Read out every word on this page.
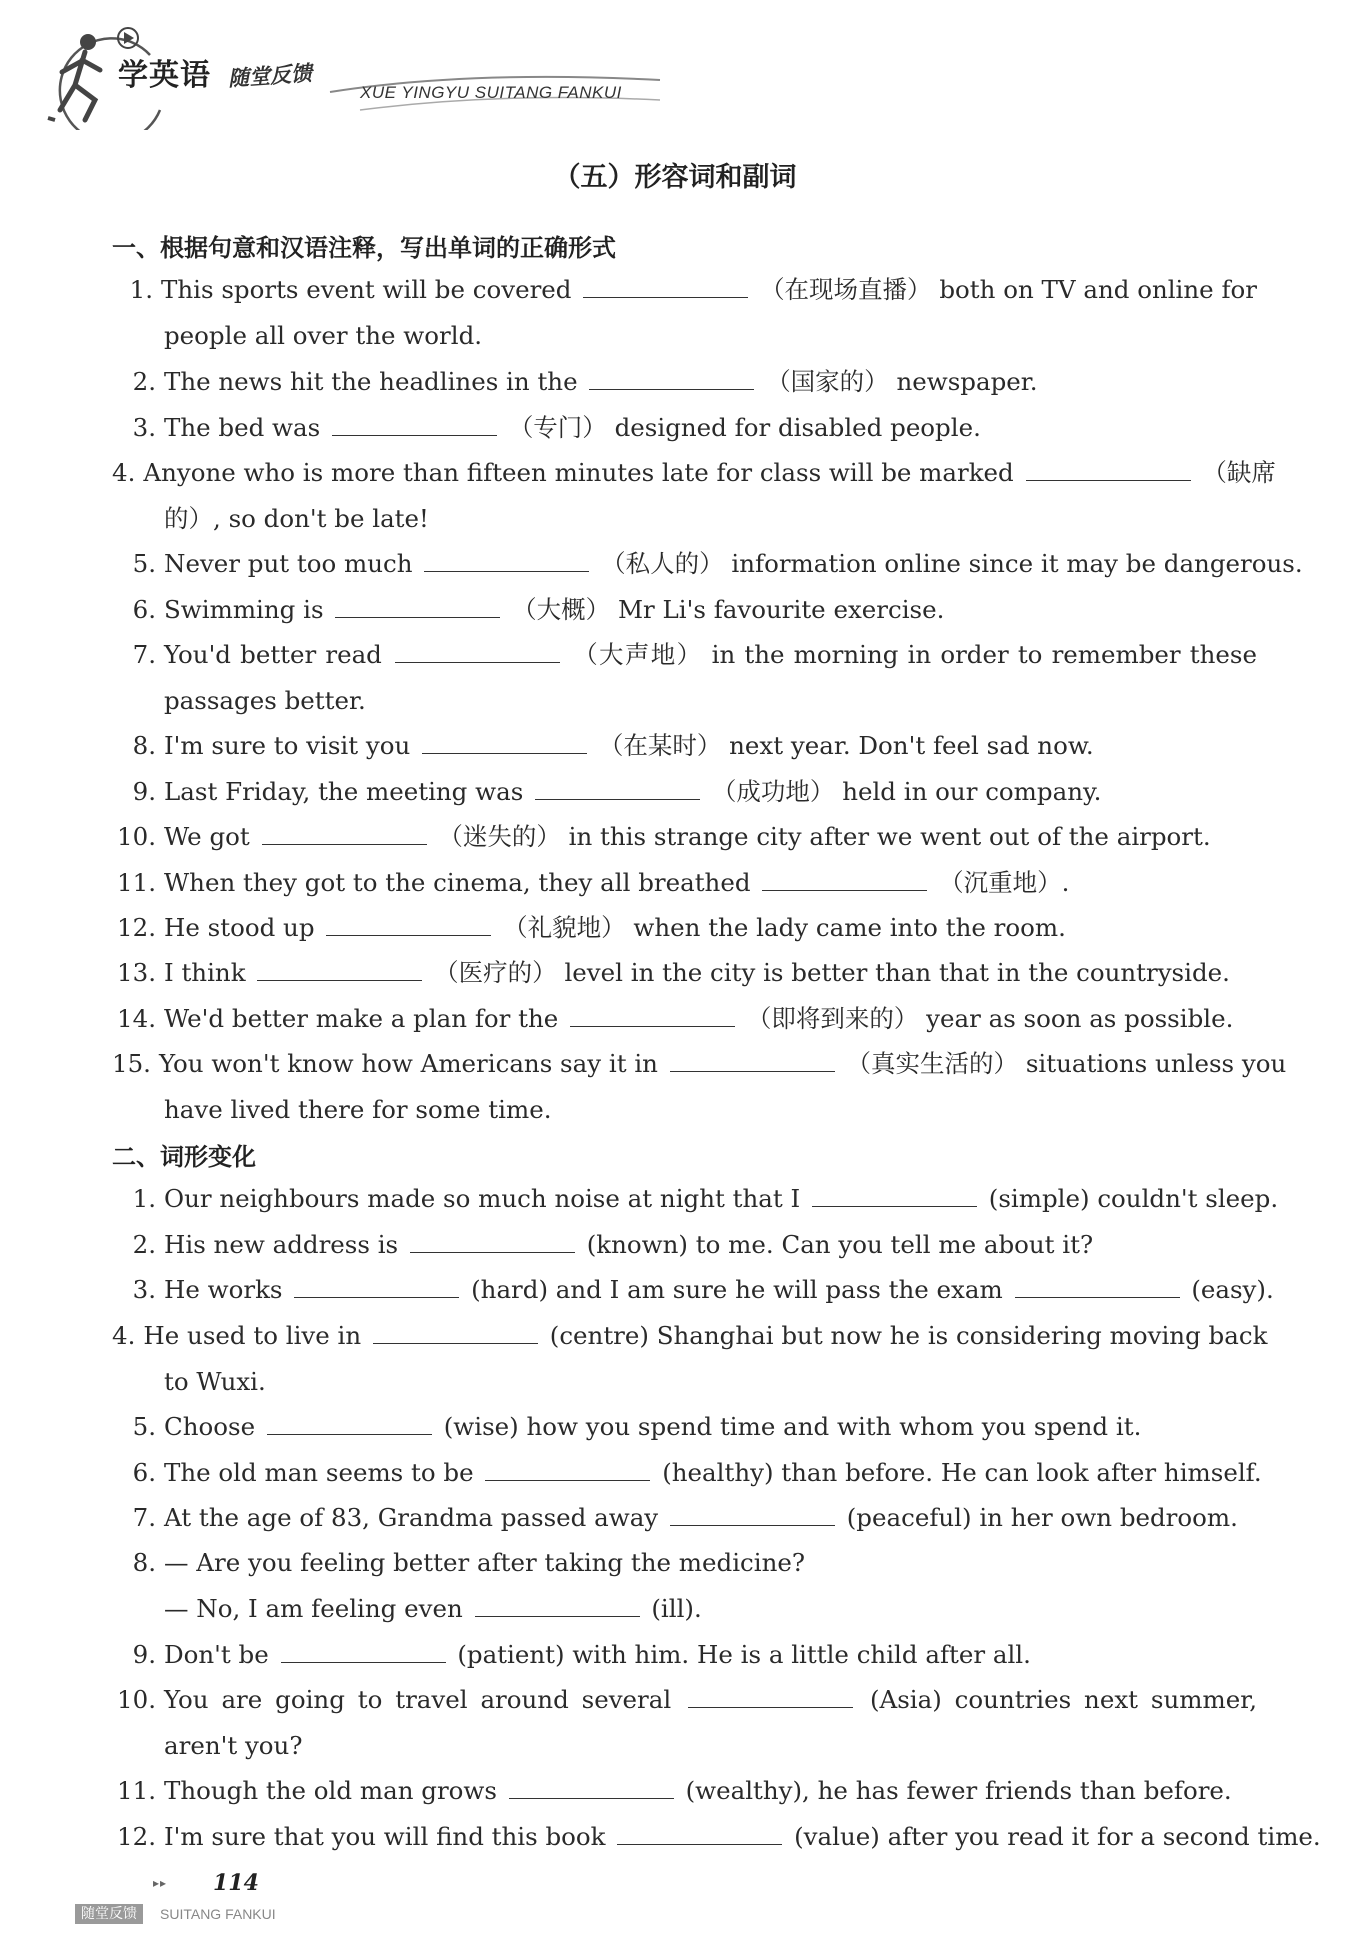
学英语 随堂反馈
XUE YINGYU SUITANG FANKUI
（五）形容词和副词
一、根据句意和汉语注释，写出单词的正确形式
1. This sports event will be covered	（在现场直播） both on TV and online for
people all over the world.
2. The news hit the headlines in the	（国家的） newspaper.
3. The bed was	（专门） designed for disabled people.
4. Anyone who is more than fifteen minutes late for class will be marked	（缺席
的）, so don't be late!
5. Never put too much	（私人的） information online since it may be dangerous.
6. Swimming is	（大概） Mr Li's favourite exercise.
7. You'd better read	（大声地） in the morning in order to remember these
passages better.
8. I'm sure to visit you	（在某时） next year. Don't feel sad now.
9. Last Friday, the meeting was	（成功地） held in our company.
10. We got	（迷失的） in this strange city after we went out of the airport.
11. When they got to the cinema, they all breathed	（沉重地）.
12. He stood up	（礼貌地） when the lady came into the room.
13. I think	（医疗的） level in the city is better than that in the countryside.
14. We'd better make a plan for the	（即将到来的） year as soon as possible.
15. You won't know how Americans say it in	（真实生活的） situations unless you
have lived there for some time.
二、词形变化
1. Our neighbours made so much noise at night that I	(simple) couldn't sleep.
2. His new address is	(known) to me. Can you tell me about it?
3. He works	(hard) and I am sure he will pass the exam	(easy).
4. He used to live in	(centre) Shanghai but now he is considering moving back
to Wuxi.
5. Choose	(wise) how you spend time and with whom you spend it.
6. The old man seems to be	(healthy) than before. He can look after himself.
7. At the age of 83, Grandma passed away	(peaceful) in her own bedroom.
8. — Are you feeling better after taking the medicine?
— No, I am feeling even	(ill).
9. Don't be	(patient) with him. He is a little child after all.
10. You are going to travel around several	(Asia) countries next summer,
aren't you?
11. Though the old man grows	(wealthy), he has fewer friends than before.
12. I'm sure that you will find this book	(value) after you read it for a second time.
▸▸ 114
随堂反馈	SUITANG FANKUI
